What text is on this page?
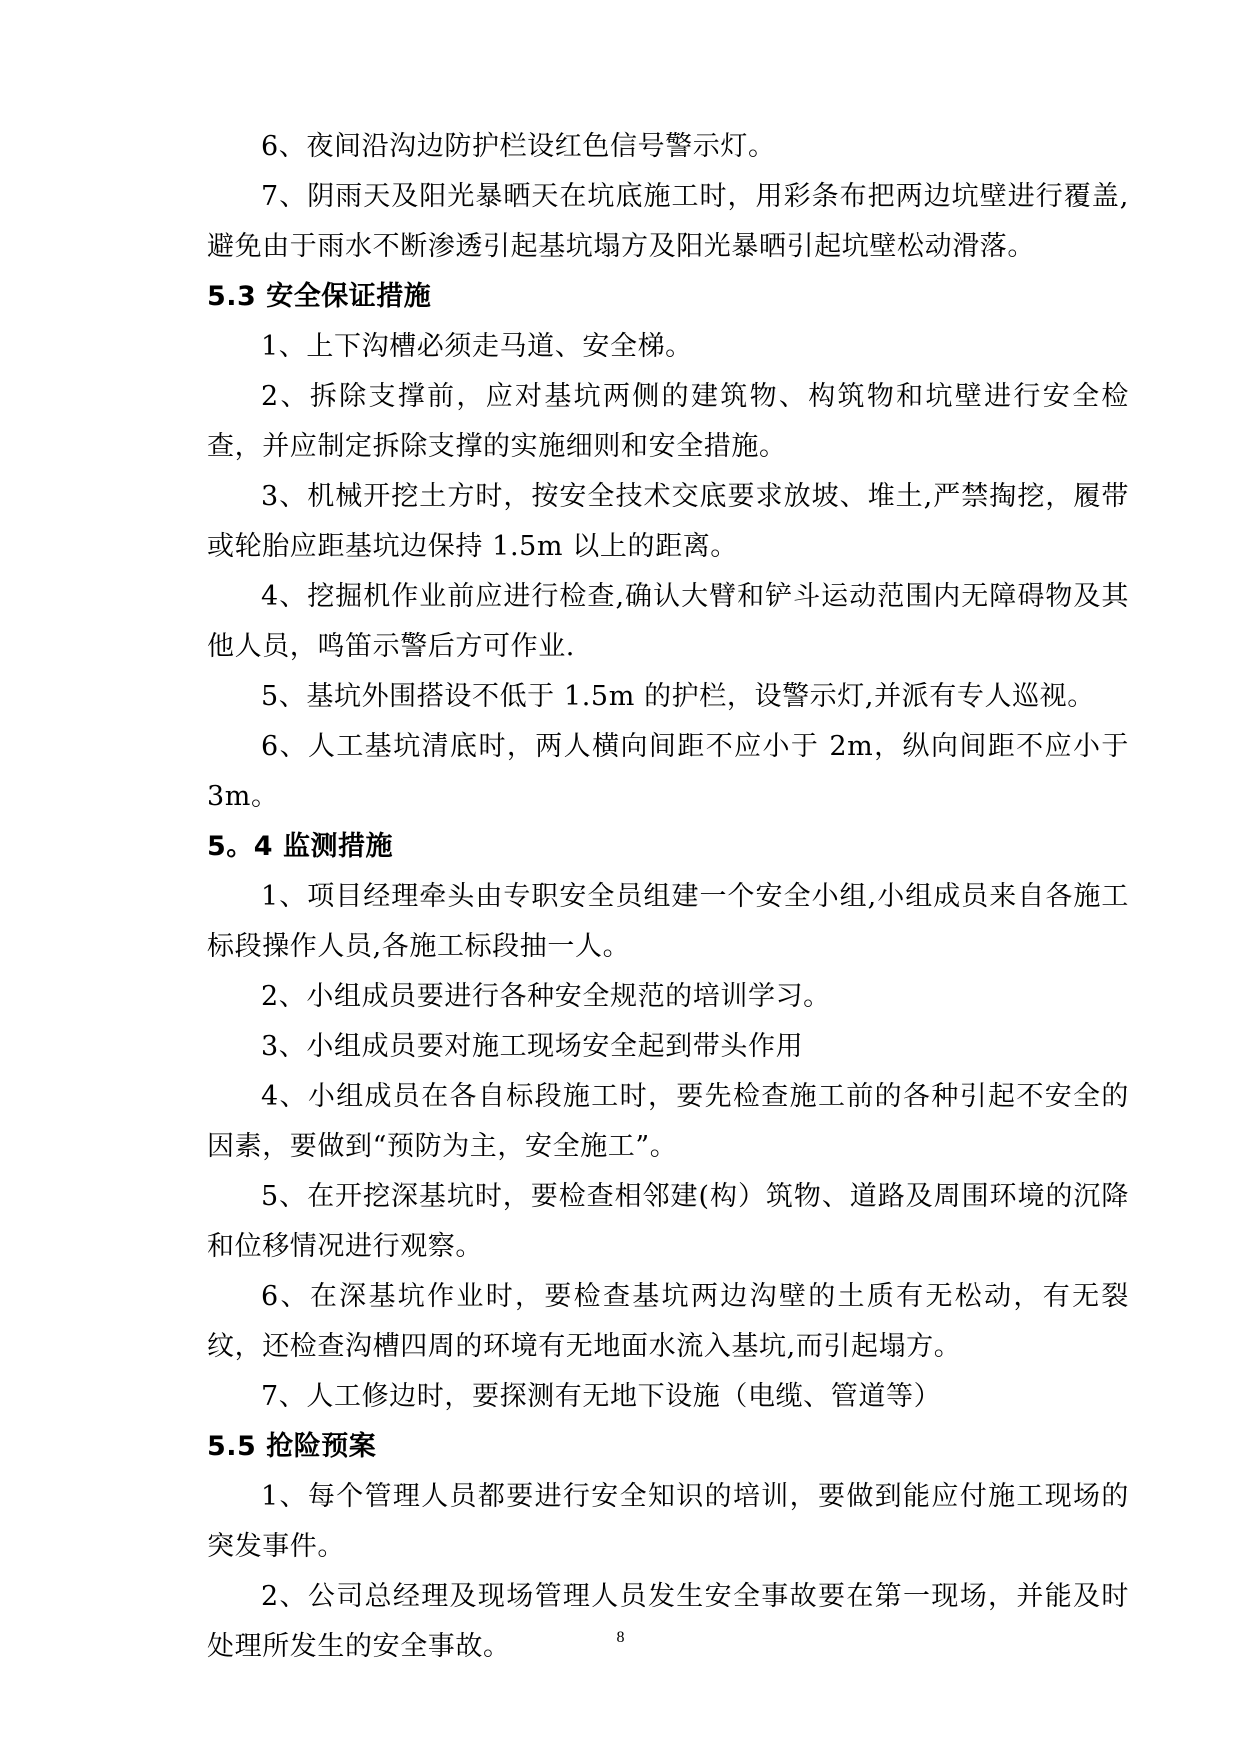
6、夜间沿沟边防护栏设红色信号警示灯。

7、阴雨天及阳光暴晒天在坑底施工时，用彩条布把两边坑壁进行覆盖,避免由于雨水不断渗透引起基坑塌方及阳光暴晒引起坑壁松动滑落。

5.3 安全保证措施

1、上下沟槽必须走马道、安全梯。

2、拆除支撑前，应对基坑两侧的建筑物、构筑物和坑壁进行安全检查，并应制定拆除支撑的实施细则和安全措施。

3、机械开挖土方时，按安全技术交底要求放坡、堆土,严禁掏挖，履带或轮胎应距基坑边保持 1.5m 以上的距离。

4、挖掘机作业前应进行检查,确认大臂和铲斗运动范围内无障碍物及其他人员，鸣笛示警后方可作业.

5、基坑外围搭设不低于 1.5m 的护栏，设警示灯,并派有专人巡视。

6、人工基坑清底时，两人横向间距不应小于 2m，纵向间距不应小于 3m。

5。4 监测措施

1、项目经理牵头由专职安全员组建一个安全小组,小组成员来自各施工标段操作人员,各施工标段抽一人。

2、小组成员要进行各种安全规范的培训学习。

3、小组成员要对施工现场安全起到带头作用

4、小组成员在各自标段施工时，要先检查施工前的各种引起不安全的因素，要做到“预防为主，安全施工”。

5、在开挖深基坑时，要检查相邻建(构）筑物、道路及周围环境的沉降和位移情况进行观察。

6、在深基坑作业时，要检查基坑两边沟壁的土质有无松动，有无裂纹，还检查沟槽四周的环境有无地面水流入基坑,而引起塌方。

7、人工修边时，要探测有无地下设施（电缆、管道等）

5.5 抢险预案

1、每个管理人员都要进行安全知识的培训，要做到能应付施工现场的突发事件。

2、公司总经理及现场管理人员发生安全事故要在第一现场，并能及时处理所发生的安全事故。	8
